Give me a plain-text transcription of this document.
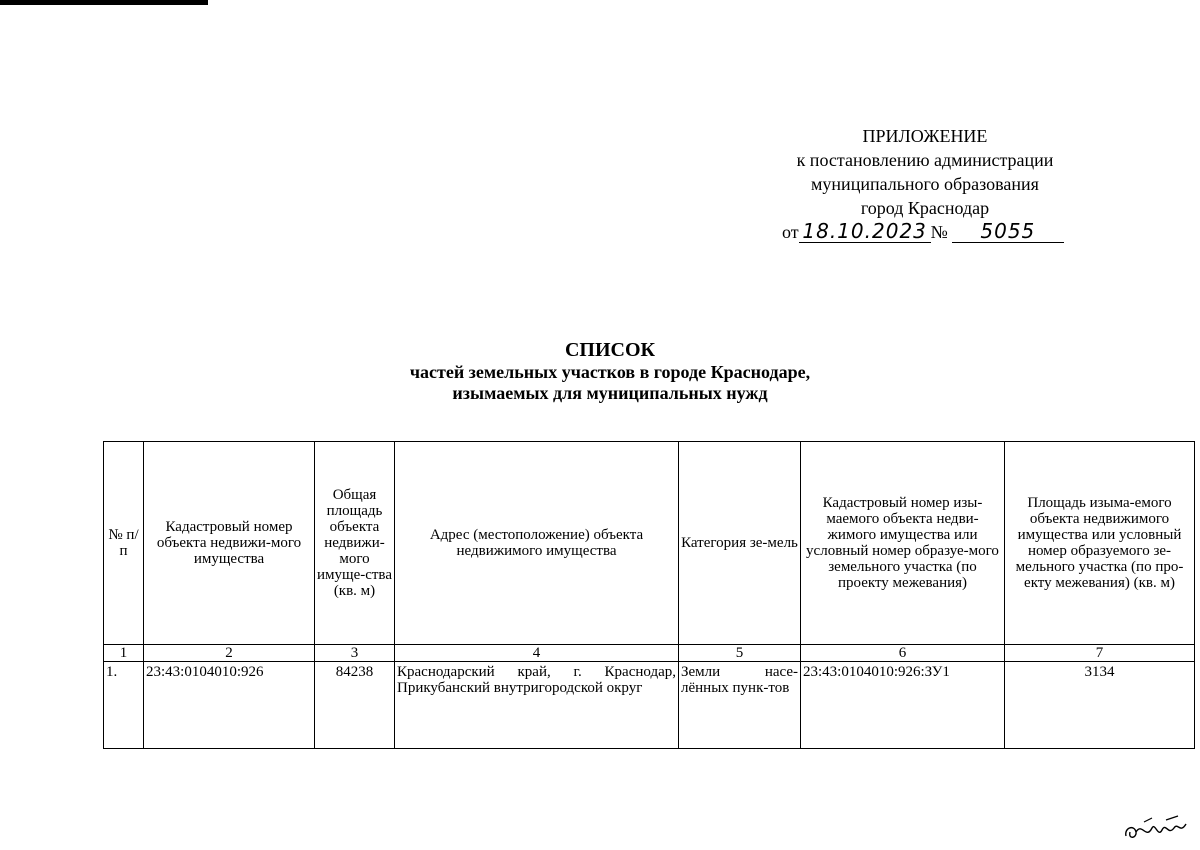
ПРИЛОЖЕНИЕ
к постановлению администрации
муниципального образования
город Краснодар
от 18.10.2023 № 5055
СПИСОК
частей земельных участков в городе Краснодаре,
изымаемых для муниципальных нужд
№ п/п	Кадастровый номер объекта недвижи-мого имущества	Общая площадь объекта недвижи-мого имуще-ства (кв. м)	Адрес (местоположение) объекта недвижимого имущества	Категория зе-мель	Кадастровый номер изы-маемого объекта недви-жимого имущества или условный номер образуе-мого земельного участка (по проекту межевания)	Площадь изыма-емого объекта недвижимого имущества или условный номер образуемого зе-мельного участка (по про-екту межевания) (кв. м)
1	2	3	4	5	6	7
1.	23:43:0104010:926	84238	Краснодарский край, г. Краснодар, Прикубанский внутригородской округ	Земли насе-лённых пунк-тов	23:43:0104010:926:ЗУ1	3134
